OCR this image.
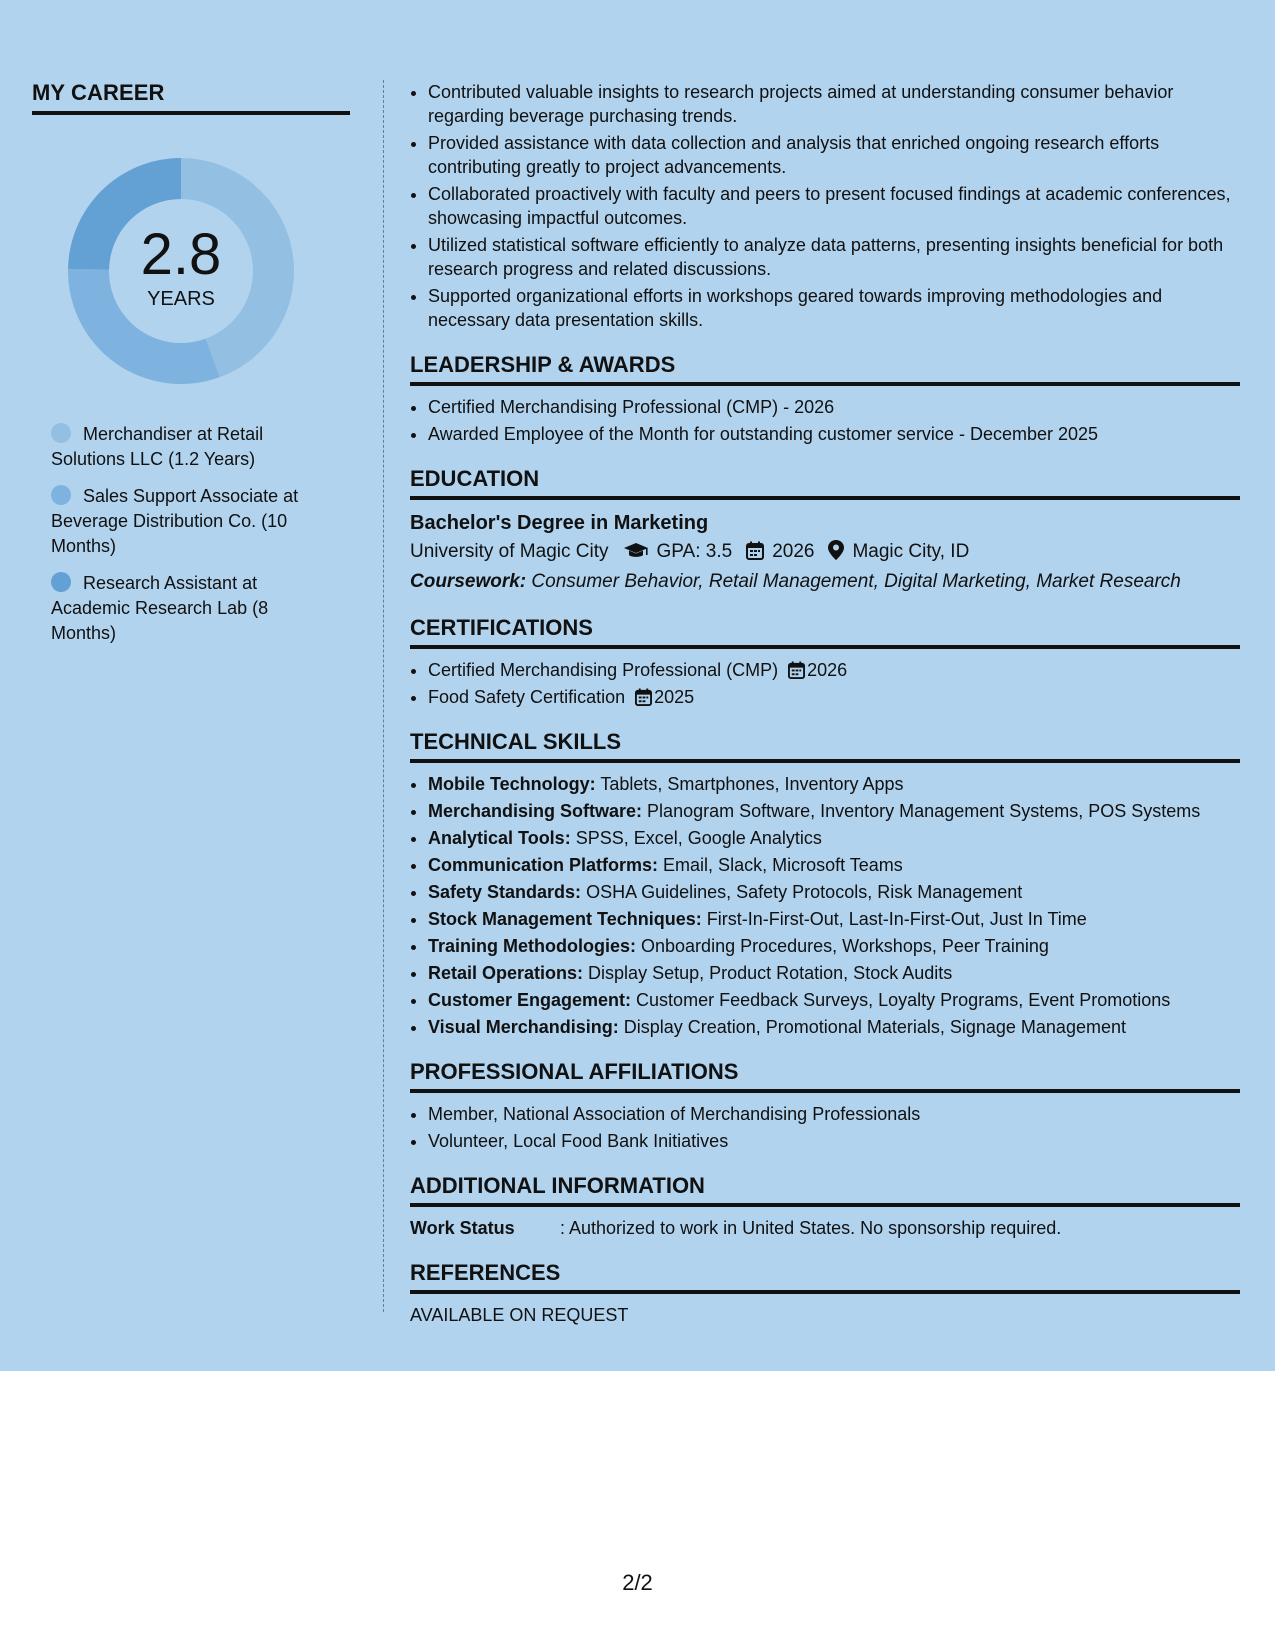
MY CAREER
2.8
YEARS
Merchandiser at Retail Solutions LLC (1.2 Years)
Sales Support Associate at Beverage Distribution Co. (10 Months)
Research Assistant at Academic Research Lab (8 Months)
• Contributed valuable insights to research projects aimed at understanding consumer behavior regarding beverage purchasing trends.
• Provided assistance with data collection and analysis that enriched ongoing research efforts contributing greatly to project advancements.
• Collaborated proactively with faculty and peers to present focused findings at academic conferences, showcasing impactful outcomes.
• Utilized statistical software efficiently to analyze data patterns, presenting insights beneficial for both research progress and related discussions.
• Supported organizational efforts in workshops geared towards improving methodologies and necessary data presentation skills.
LEADERSHIP & AWARDS
• Certified Merchandising Professional (CMP) - 2026
• Awarded Employee of the Month for outstanding customer service - December 2025
EDUCATION
Bachelor's Degree in Marketing
University of Magic City	GPA: 3.5 2026 Magic City, ID
Coursework: Consumer Behavior, Retail Management, Digital Marketing, Market Research
CERTIFICATIONS
• Certified Merchandising Professional (CMP) 2026
• Food Safety Certification 2025
TECHNICAL SKILLS
• Mobile Technology: Tablets, Smartphones, Inventory Apps
• Merchandising Software: Planogram Software, Inventory Management Systems, POS Systems
• Analytical Tools: SPSS, Excel, Google Analytics
• Communication Platforms: Email, Slack, Microsoft Teams
• Safety Standards: OSHA Guidelines, Safety Protocols, Risk Management
• Stock Management Techniques: First-In-First-Out, Last-In-First-Out, Just In Time
• Training Methodologies: Onboarding Procedures, Workshops, Peer Training
• Retail Operations: Display Setup, Product Rotation, Stock Audits
• Customer Engagement: Customer Feedback Surveys, Loyalty Programs, Event Promotions
• Visual Merchandising: Display Creation, Promotional Materials, Signage Management
PROFESSIONAL AFFILIATIONS
• Member, National Association of Merchandising Professionals
• Volunteer, Local Food Bank Initiatives
ADDITIONAL INFORMATION
Work Status	: Authorized to work in United States. No sponsorship required.
REFERENCES
AVAILABLE ON REQUEST
2/2
